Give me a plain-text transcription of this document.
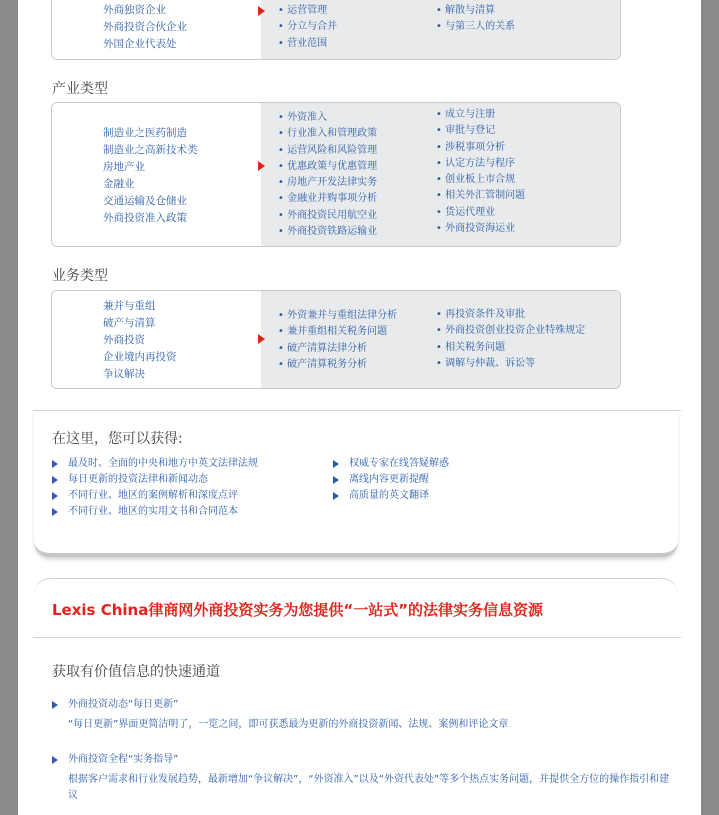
外商独资企业
外商投资合伙企业
外国企业代表处
• 运营管理
• 分立与合并
• 营业范围
• 解散与清算
• 与第三人的关系
产业类型
制造业之医药制造
制造业之高新技术类
房地产业
金融业
交通运输及仓储业
外商投资准入政策
• 外资准入
• 行业准入和管理政策
• 运营风险和风险管理
• 优惠政策与优惠管理
• 房地产开发法律实务
• 金融业并购事项分析
• 外商投资民用航空业
• 外商投资铁路运输业
• 成立与注册
• 审批与登记
• 涉税事项分析
• 认定方法与程序
• 创业板上市合规
• 相关外汇管制问题
• 货运代理业
• 外商投资海运业
业务类型
兼并与重组
破产与清算
外商投资
企业境内再投资
争议解决
• 外资兼并与重组法律分析
• 兼并重组相关税务问题
• 破产清算法律分析
• 破产清算税务分析
• 再投资条件及审批
• 外商投资创业投资企业特殊规定
• 相关税务问题
• 调解与仲裁、诉讼等
在这里，您可以获得:
最及时、全面的中央和地方中英文法律法规
每日更新的投资法律和新闻动态
不同行业、地区的案例解析和深度点评
不同行业、地区的实用文书和合同范本
权威专家在线答疑解惑
离线内容更新提醒
高质量的英文翻译
Lexis China律商网外商投资实务为您提供“一站式”的法律实务信息资源
获取有价值信息的快速通道
外商投资动态“每日更新”
“每日更新”界面更简洁明了，一览之间，即可获悉最为更新的外商投资新闻、法规、案例和评论文章
外商投资全程“实务指导”
根据客户需求和行业发展趋势，最新增加“争议解决”，“外资准入”以及“外资代表处”等多个热点实务问题，并提供全方位的操作指引和建议
